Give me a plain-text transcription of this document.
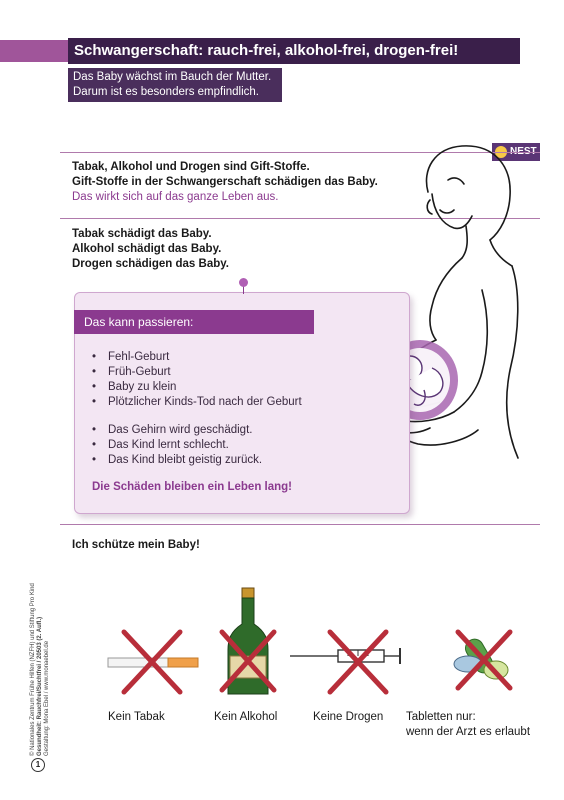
Schwangerschaft: rauch-frei, alkohol-frei, drogen-frei!
Das Baby wächst im Bauch der Mutter.
Darum ist es besonders empfindlich.
Tabak, Alkohol und Drogen sind Gift-Stoffe.
Gift-Stoffe in der Schwangerschaft schädigen das Baby.
Das wirkt sich auf das ganze Leben aus.
Tabak schädigt das Baby.
Alkohol schädigt das Baby.
Drogen schädigen das Baby.
Das kann passieren:
• Fehl-Geburt
• Früh-Geburt
• Baby zu klein
• Plötzlicher Kinds-Tod nach der Geburt
• Das Gehirn wird geschädigt.
• Das Kind lernt schlecht.
• Das Kind bleibt geistig zurück.
Die Schäden bleiben ein Leben lang!
Ich schütze mein Baby!
Kein Tabak	Kein Alkohol	Keine Drogen Tabletten nur:
wenn der Arzt es erlaubt
© Nationales Zentrum Frühe Hilfen (NZFH) und Stiftung Pro Kind Gesundheit: Rauchfrei/Suchtfrei / 20503 (2. Aufl.) Gestaltung: Mona Ebel / www.monaebel.de
1
